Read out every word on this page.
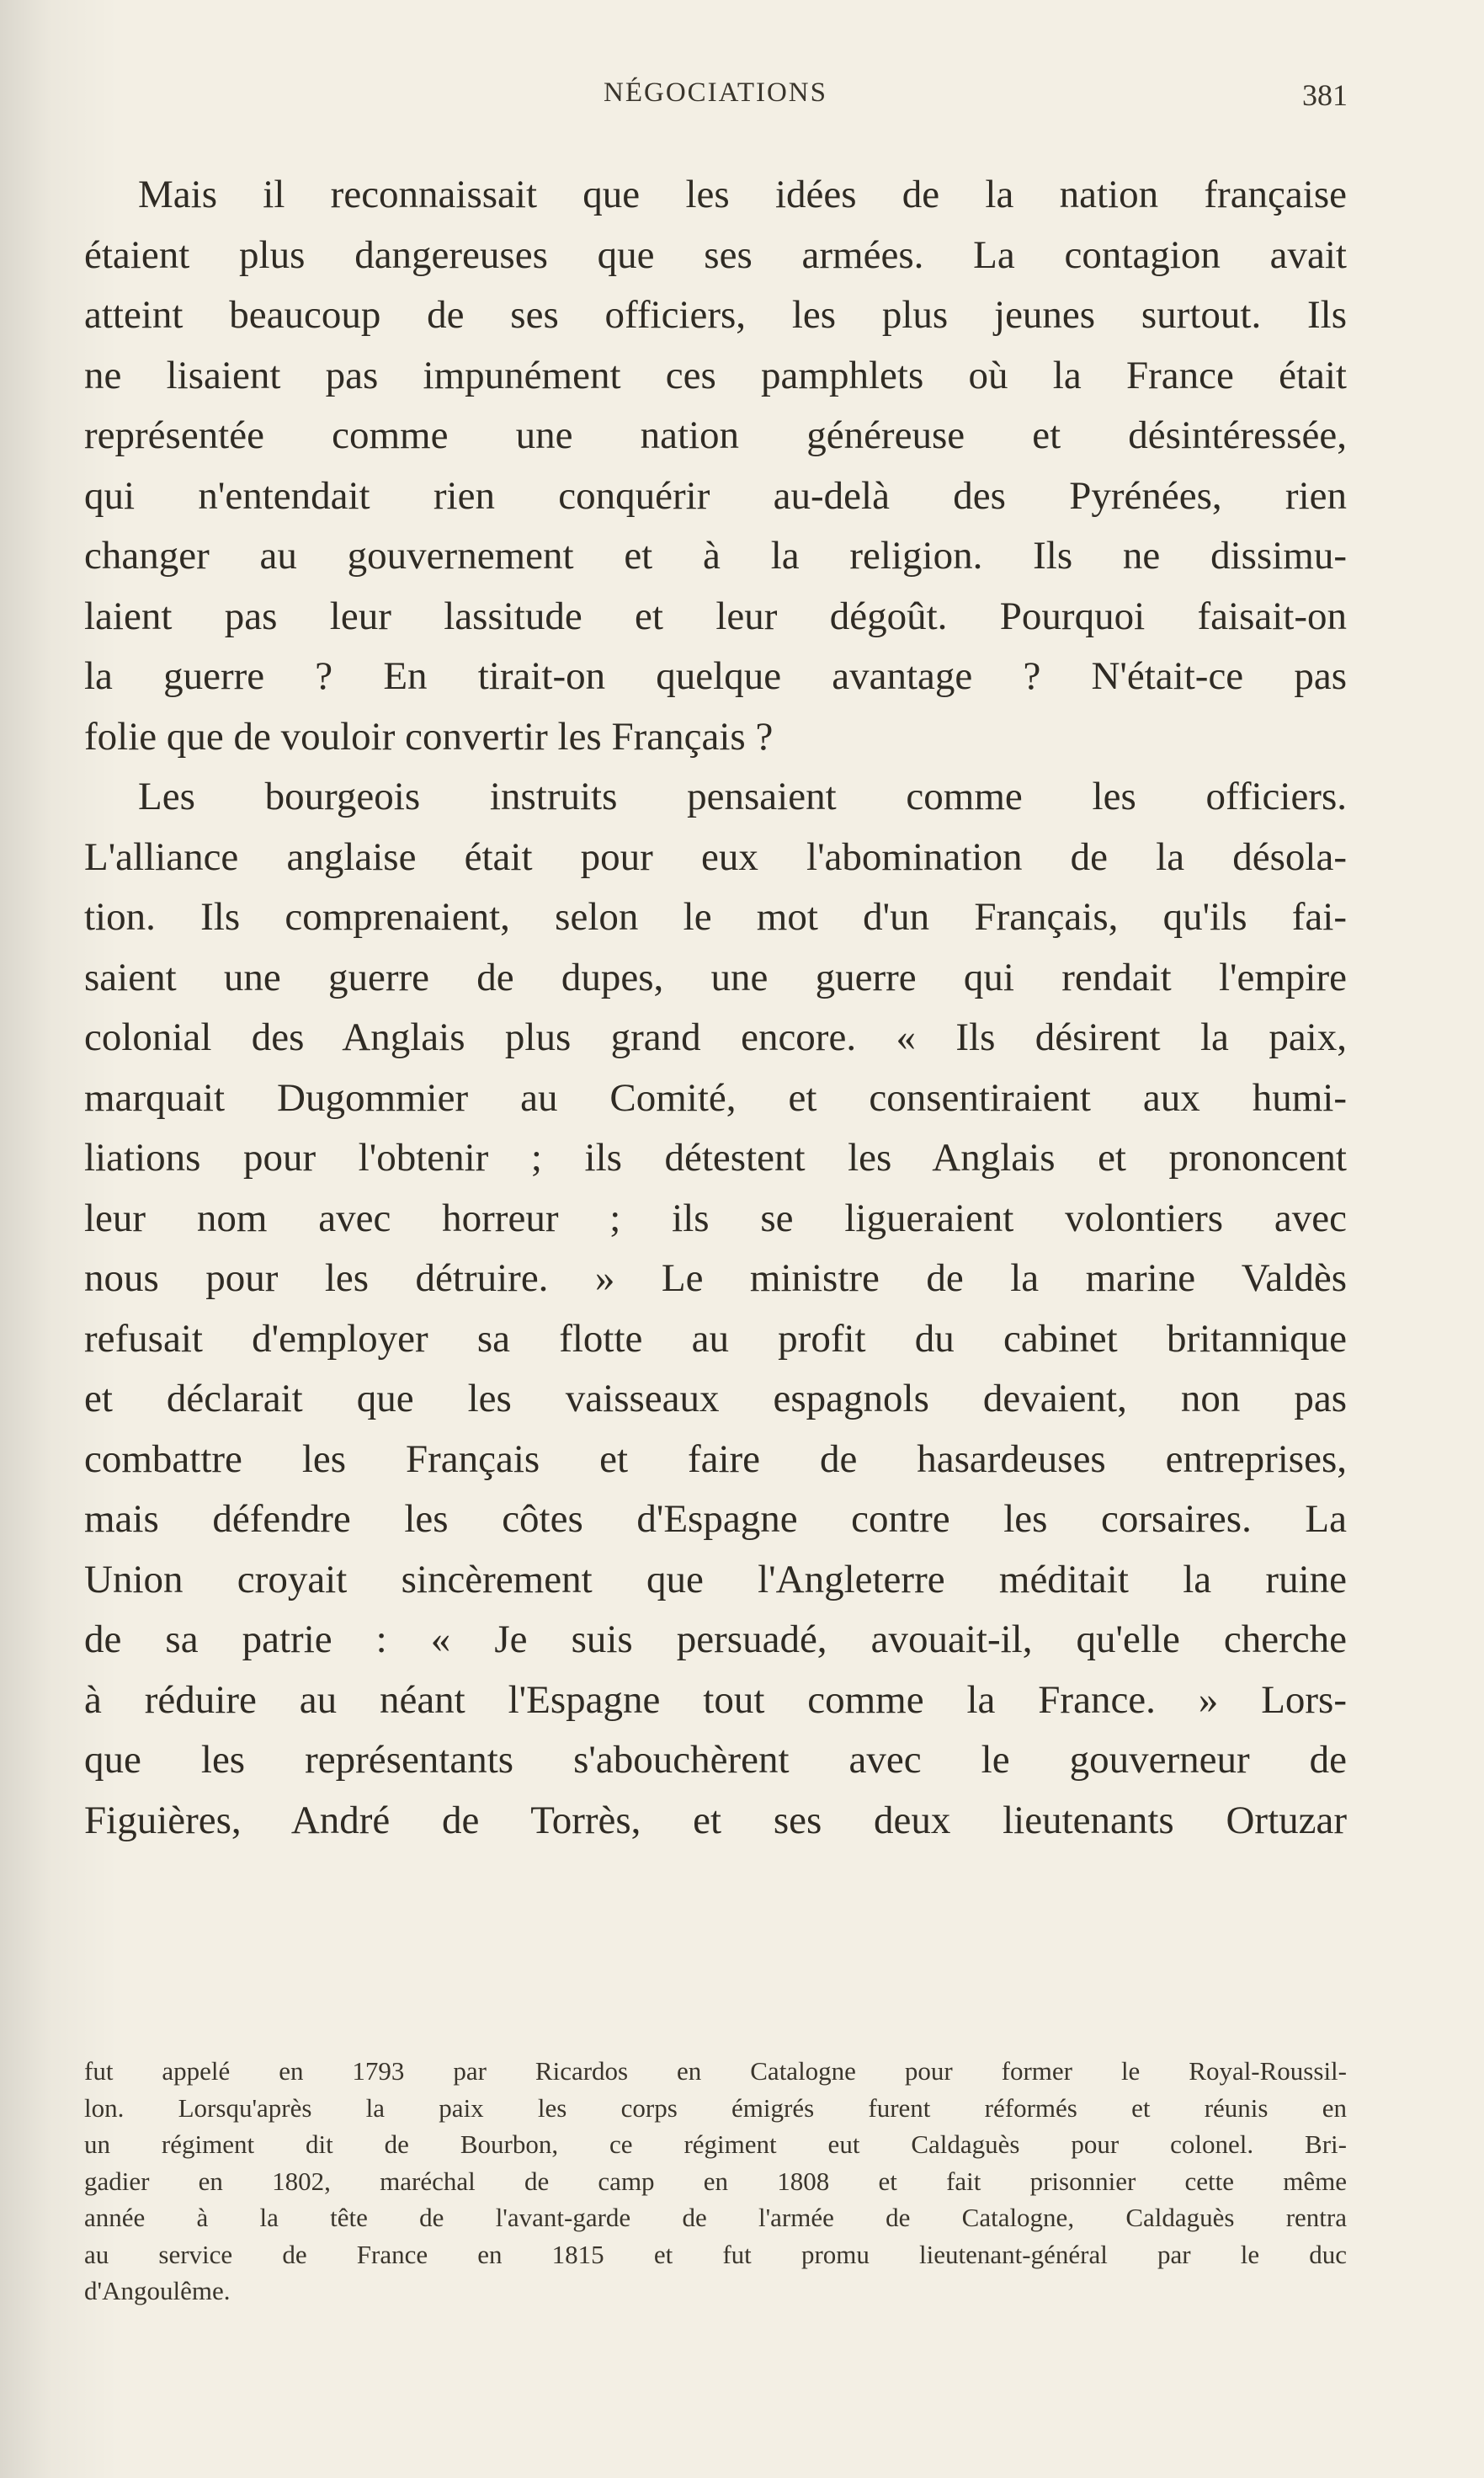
NÉGOCIATIONS	381
Mais il reconnaissait que les idées de la nation française
étaient plus dangereuses que ses armées. La contagion avait
atteint beaucoup de ses officiers, les plus jeunes surtout. Ils
ne lisaient pas impunément ces pamphlets où la France était
représentée comme une nation généreuse et désintéressée,
qui n'entendait rien conquérir au-delà des Pyrénées, rien
changer au gouvernement et à la religion. Ils ne dissimu-
laient pas leur lassitude et leur dégoût. Pourquoi faisait-on
la guerre ? En tirait-on quelque avantage ? N'était-ce pas
folie que de vouloir convertir les Français ?
Les bourgeois instruits pensaient comme les officiers.
L'alliance anglaise était pour eux l'abomination de la désola-
tion. Ils comprenaient, selon le mot d'un Français, qu'ils fai-
saient une guerre de dupes, une guerre qui rendait l'empire
colonial des Anglais plus grand encore. « Ils désirent la paix,
marquait Dugommier au Comité, et consentiraient aux humi-
liations pour l'obtenir ; ils détestent les Anglais et prononcent
leur nom avec horreur ; ils se ligueraient volontiers avec
nous pour les détruire. » Le ministre de la marine Valdès
refusait d'employer sa flotte au profit du cabinet britannique
et déclarait que les vaisseaux espagnols devaient, non pas
combattre les Français et faire de hasardeuses entreprises,
mais défendre les côtes d'Espagne contre les corsaires. La
Union croyait sincèrement que l'Angleterre méditait la ruine
de sa patrie : « Je suis persuadé, avouait-il, qu'elle cherche
à réduire au néant l'Espagne tout comme la France. » Lors-
que les représentants s'abouchèrent avec le gouverneur de
Figuières, André de Torrès, et ses deux lieutenants Ortuzar
fut appelé en 1793 par Ricardos en Catalogne pour former le Royal-Roussil-
lon. Lorsqu'après la paix les corps émigrés furent réformés et réunis en
un régiment dit de Bourbon, ce régiment eut Caldaguès pour colonel. Bri-
gadier en 1802, maréchal de camp en 1808 et fait prisonnier cette même
année à la tête de l'avant-garde de l'armée de Catalogne, Caldaguès rentra
au service de France en 1815 et fut promu lieutenant-général par le duc
d'Angoulême.
